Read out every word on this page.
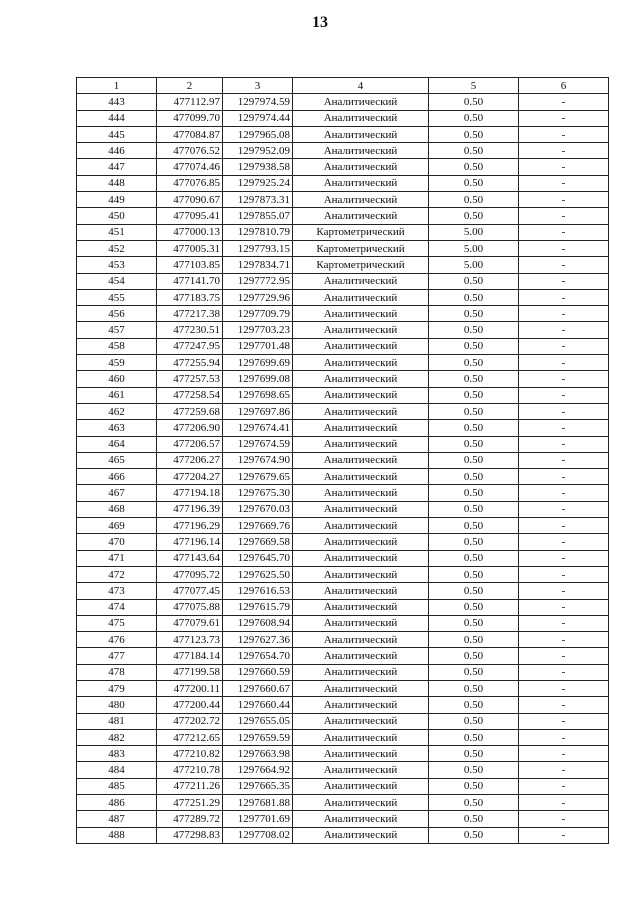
13
1	2	3	4	5	6
443	477112.97	1297974.59	Аналитический	0.50	-
444	477099.70	1297974.44	Аналитический	0.50	-
445	477084.87	1297965.08	Аналитический	0.50	-
446	477076.52	1297952.09	Аналитический	0.50	-
447	477074.46	1297938.58	Аналитический	0.50	-
448	477076.85	1297925.24	Аналитический	0.50	-
449	477090.67	1297873.31	Аналитический	0.50	-
450	477095.41	1297855.07	Аналитический	0.50	-
451	477000.13	1297810.79	Картометрический	5.00	-
452	477005.31	1297793.15	Картометрический	5.00	-
453	477103.85	1297834.71	Картометрический	5.00	-
454	477141.70	1297772.95	Аналитический	0.50	-
455	477183.75	1297729.96	Аналитический	0.50	-
456	477217.38	1297709.79	Аналитический	0.50	-
457	477230.51	1297703.23	Аналитический	0.50	-
458	477247.95	1297701.48	Аналитический	0.50	-
459	477255.94	1297699.69	Аналитический	0.50	-
460	477257.53	1297699.08	Аналитический	0.50	-
461	477258.54	1297698.65	Аналитический	0.50	-
462	477259.68	1297697.86	Аналитический	0.50	-
463	477206.90	1297674.41	Аналитический	0.50	-
464	477206.57	1297674.59	Аналитический	0.50	-
465	477206.27	1297674.90	Аналитический	0.50	-
466	477204.27	1297679.65	Аналитический	0.50	-
467	477194.18	1297675.30	Аналитический	0.50	-
468	477196.39	1297670.03	Аналитический	0.50	-
469	477196.29	1297669.76	Аналитический	0.50	-
470	477196.14	1297669.58	Аналитический	0.50	-
471	477143.64	1297645.70	Аналитический	0.50	-
472	477095.72	1297625.50	Аналитический	0.50	-
473	477077.45	1297616.53	Аналитический	0.50	-
474	477075.88	1297615.79	Аналитический	0.50	-
475	477079.61	1297608.94	Аналитический	0.50	-
476	477123.73	1297627.36	Аналитический	0.50	-
477	477184.14	1297654.70	Аналитический	0.50	-
478	477199.58	1297660.59	Аналитический	0.50	-
479	477200.11	1297660.67	Аналитический	0.50	-
480	477200.44	1297660.44	Аналитический	0.50	-
481	477202.72	1297655.05	Аналитический	0.50	-
482	477212.65	1297659.59	Аналитический	0.50	-
483	477210.82	1297663.98	Аналитический	0.50	-
484	477210.78	1297664.92	Аналитический	0.50	-
485	477211.26	1297665.35	Аналитический	0.50	-
486	477251.29	1297681.88	Аналитический	0.50	-
487	477289.72	1297701.69	Аналитический	0.50	-
488	477298.83	1297708.02	Аналитический	0.50	-
